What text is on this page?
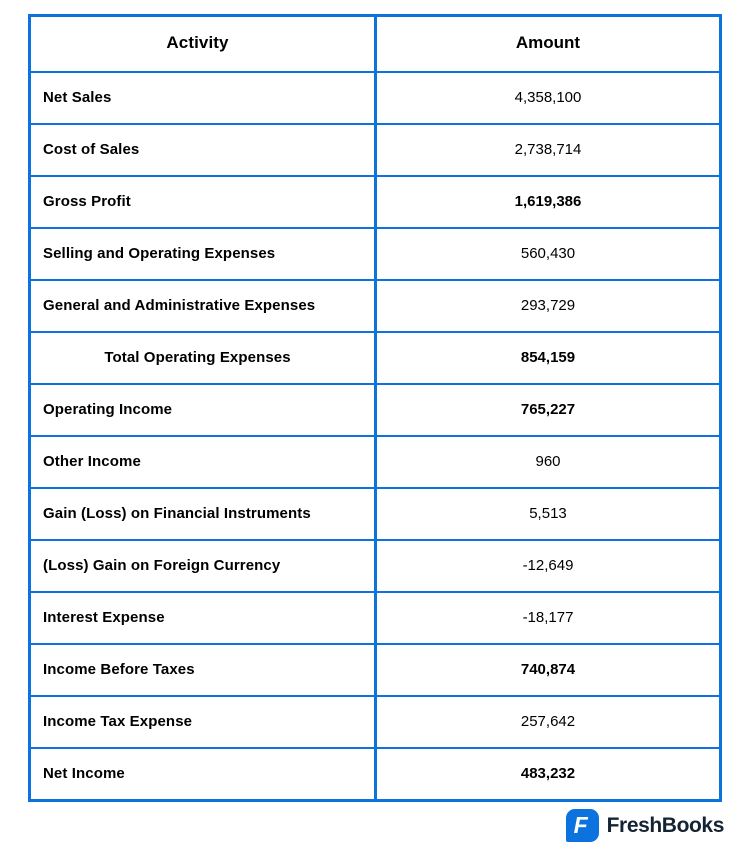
Activity	Amount
Net Sales	4,358,100
Cost of Sales	2,738,714
Gross Profit	1,619,386
Selling and Operating Expenses	560,430
General and Administrative Expenses	293,729
Total Operating Expenses	854,159
Operating Income	765,227
Other Income	960
Gain (Loss) on Financial Instruments	5,513
(Loss) Gain on Foreign Currency	-12,649
Interest Expense	-18,177
Income Before Taxes	740,874
Income Tax Expense	257,642
Net Income	483,232
F FreshBooks
